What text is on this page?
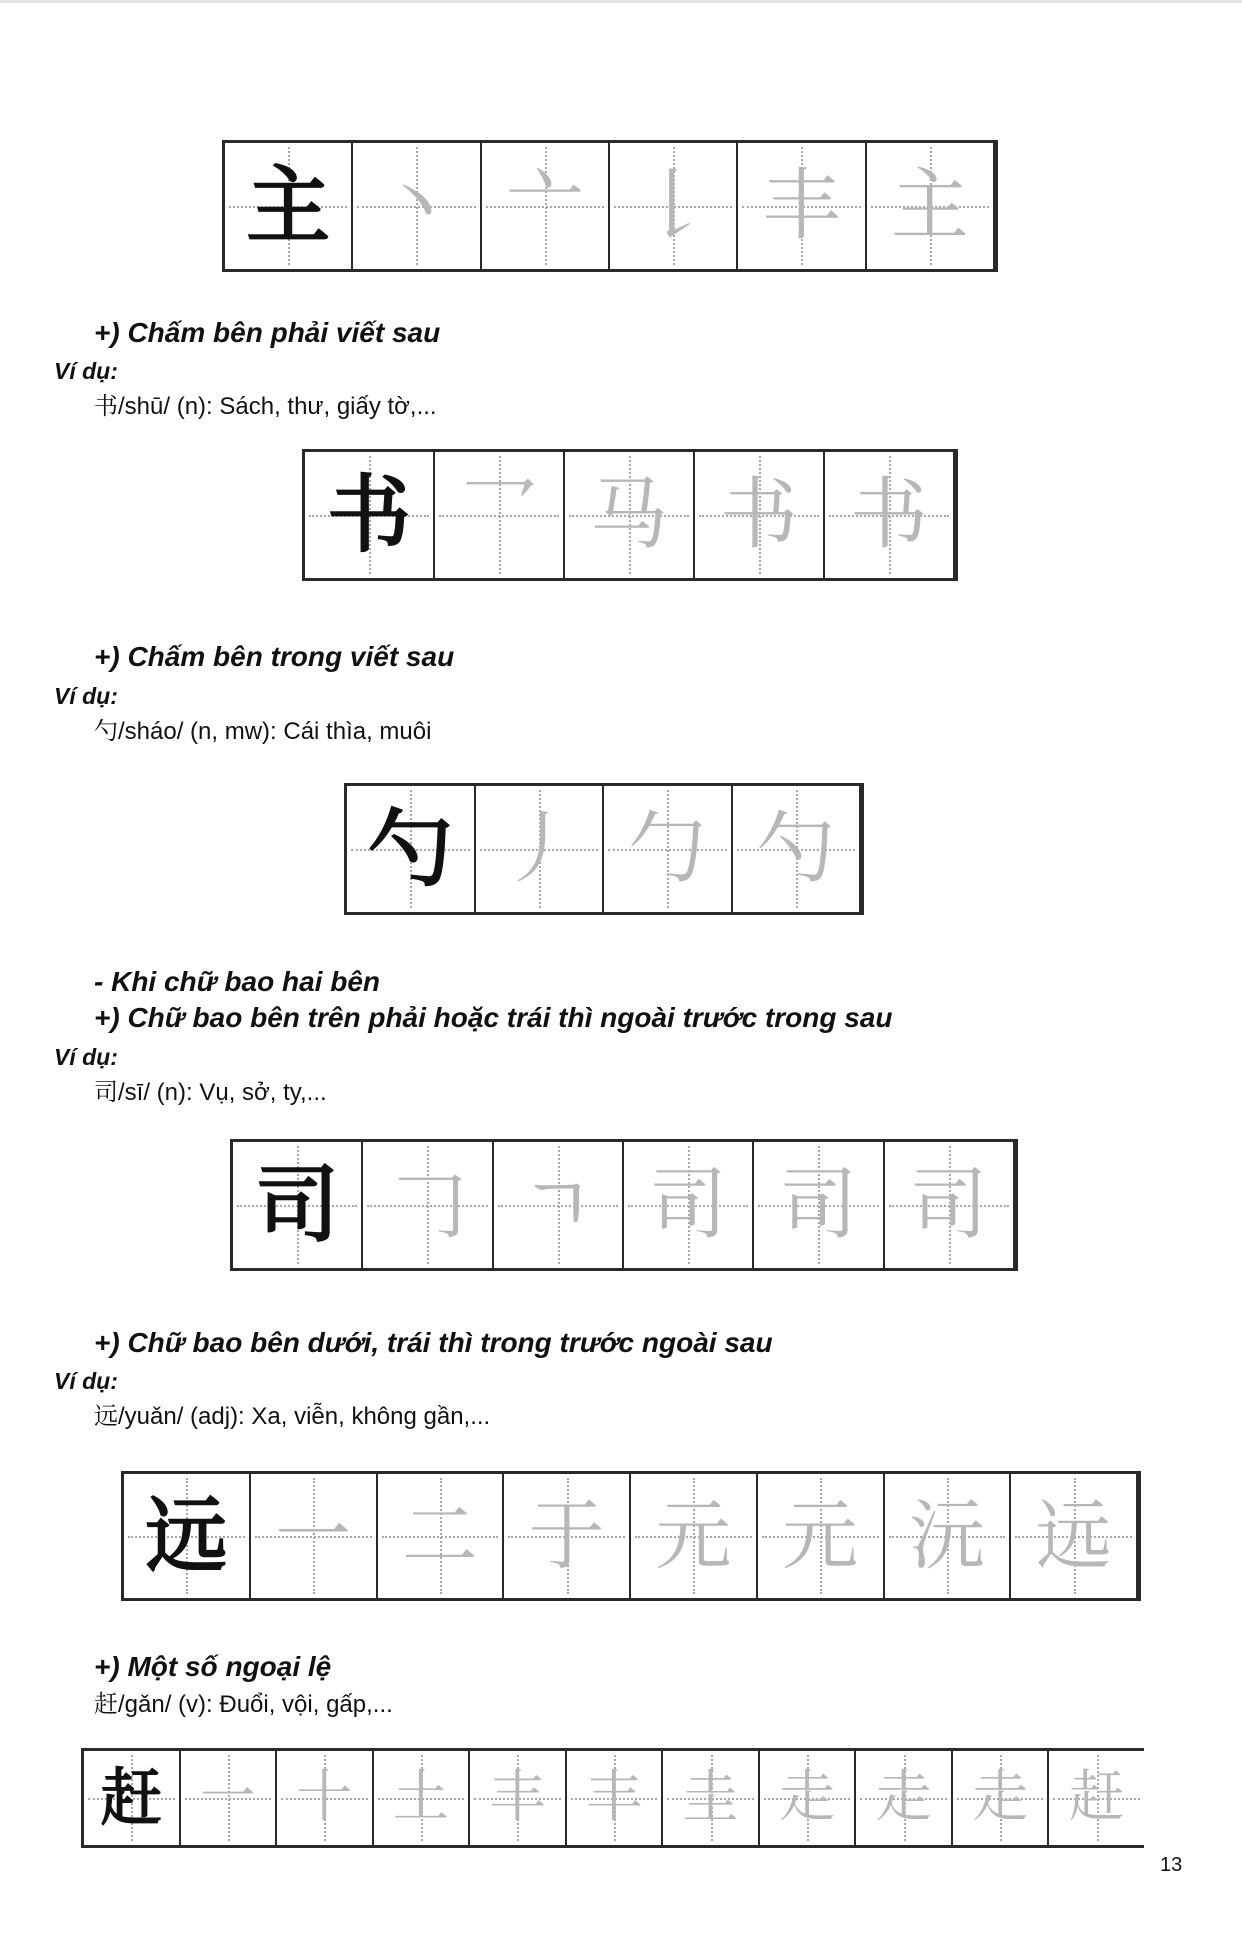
主 丶 亠 𠄌 丰 主
+) Chấm bên phải viết sau

Ví dụ:

书/shū/ (n): Sách, thư, giấy tờ,...

书 乛 马 书 书
+) Chấm bên trong viết sau

Ví dụ:

勺/sháo/ (n, mw): Cái thìa, muôi

勺 丿 勹 勺
- Khi chữ bao hai bên
+) Chữ bao bên trên phải hoặc trái thì ngoài trước trong sau

Ví dụ:

司/sī/ (n): Vụ, sở, ty,...

司 𠃌 ㄱ 司 司 司
+) Chữ bao bên dưới, trái thì trong trước ngoài sau

Ví dụ:

远/yuǎn/ (adj): Xa, viễn, không gần,...

远 一 二 于 元 元 沅 远
+) Một số ngoại lệ

赶/gǎn/ (v): Đuổi, vội, gấp,...

赶 一 十 土 丰 丰 圭 走 走 走 赶

13
